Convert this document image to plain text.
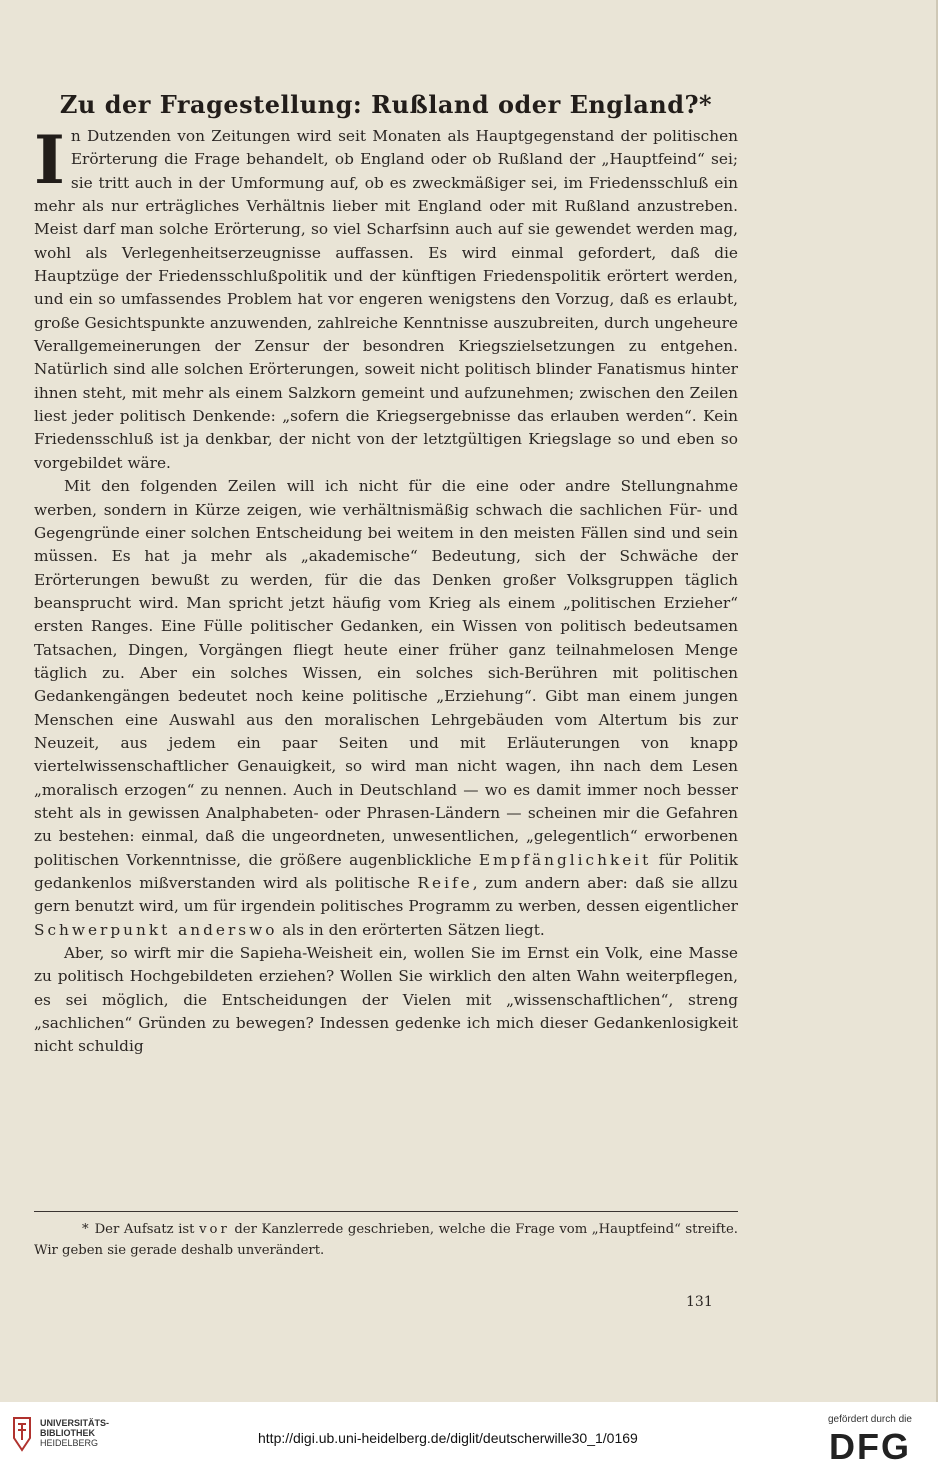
Zu der Fragestellung: Rußland oder England?*

In Dutzenden von Zeitungen wird seit Monaten als Hauptgegenstand der politischen Erörterung die Frage behandelt, ob England oder ob Rußland der „Hauptfeind“ sei; sie tritt auch in der Umformung auf, ob es zweckmäßiger sei, im Friedensschluß ein mehr als nur erträgliches Verhältnis lieber mit England oder mit Rußland anzustreben. Meist darf man solche Erörterung, so viel Scharfsinn auch auf sie gewendet werden mag, wohl als Verlegenheitserzeugnisse auffassen. Es wird einmal gefordert, daß die Hauptzüge der Friedensschlußpolitik und der künftigen Friedenspolitik erörtert werden, und ein so umfassendes Problem hat vor engeren wenigstens den Vorzug, daß es erlaubt, große Gesichtspunkte anzuwenden, zahlreiche Kenntnisse auszubreiten, durch ungeheure Verallgemeinerungen der Zensur der besondren Kriegszielsetzungen zu entgehen. Natürlich sind alle solchen Erörterungen, soweit nicht politisch blinder Fanatismus hinter ihnen steht, mit mehr als einem Salzkorn gemeint und aufzunehmen; zwischen den Zeilen liest jeder politisch Denkende: „sofern die Kriegsergebnisse das erlauben werden“. Kein Friedensschluß ist ja denkbar, der nicht von der letztgültigen Kriegslage so und eben so vorgebildet wäre.

Mit den folgenden Zeilen will ich nicht für die eine oder andre Stellungnahme werben, sondern in Kürze zeigen, wie verhältnismäßig schwach die sachlichen Für- und Gegengründe einer solchen Entscheidung bei weitem in den meisten Fällen sind und sein müssen. Es hat ja mehr als „akademische“ Bedeutung, sich der Schwäche der Erörterungen bewußt zu werden, für die das Denken großer Volksgruppen täglich beansprucht wird. Man spricht jetzt häufig vom Krieg als einem „politischen Erzieher“ ersten Ranges. Eine Fülle politischer Gedanken, ein Wissen von politisch bedeutsamen Tatsachen, Dingen, Vorgängen fliegt heute einer früher ganz teilnahmelosen Menge täglich zu. Aber ein solches Wissen, ein solches sich-Berühren mit politischen Gedankengängen bedeutet noch keine politische „Erziehung“. Gibt man einem jungen Menschen eine Auswahl aus den moralischen Lehrgebäuden vom Altertum bis zur Neuzeit, aus jedem ein paar Seiten und mit Erläuterungen von knapp viertelwissenschaftlicher Genauigkeit, so wird man nicht wagen, ihn nach dem Lesen „moralisch erzogen“ zu nennen. Auch in Deutschland — wo es damit immer noch besser steht als in gewissen Analphabeten- oder Phrasen-Ländern — scheinen mir die Gefahren zu bestehen: einmal, daß die ungeordneten, unwesentlichen, „gelegentlich“ erworbenen politischen Vorkenntnisse, die größere augenblickliche Empfänglichkeit für Politik gedankenlos mißverstanden wird als politische Reife, zum andern aber: daß sie allzu gern benutzt wird, um für irgendein politisches Programm zu werben, dessen eigentlicher Schwerpunkt anderswo als in den erörterten Sätzen liegt.

Aber, so wirft mir die Sapieha-Weisheit ein, wollen Sie im Ernst ein Volk, eine Masse zu politisch Hochgebildeten erziehen? Wollen Sie wirklich den alten Wahn weiterpflegen, es sei möglich, die Entscheidungen der Vielen mit „wissenschaftlichen“, streng „sachlichen“ Gründen zu bewegen? Indessen gedenke ich mich dieser Gedankenlosigkeit nicht schuldig

* Der Aufsatz ist vor der Kanzlerrede geschrieben, welche die Frage vom „Hauptfeind“ streifte. Wir geben sie gerade deshalb unverändert.
131
UNIVERSITÄTS-
BIBLIOTHEK
HEIDELBERG	http://digi.ub.uni-heidelberg.de/diglit/deutscherwille30_1/0169
gefördert durch die
DFG
